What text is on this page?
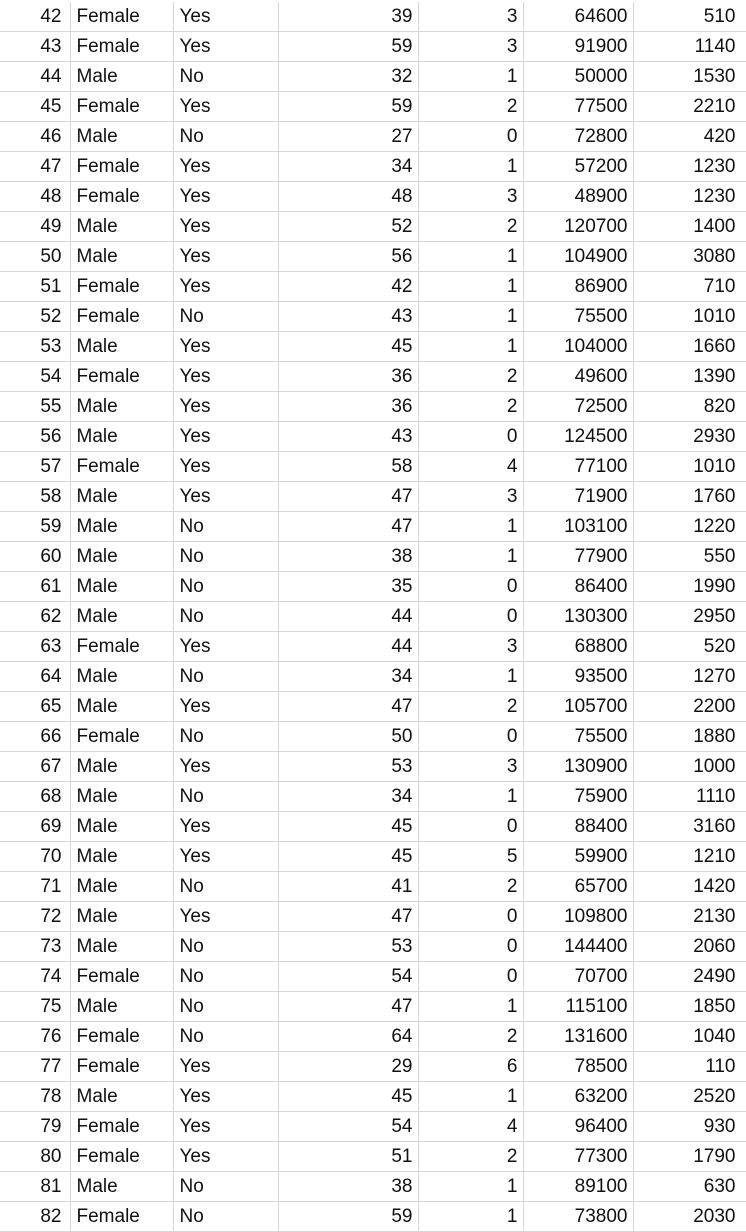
42	Female	Yes	39	3	64600	510
43	Female	Yes	59	3	91900	1140
44	Male	No	32	1	50000	1530
45	Female	Yes	59	2	77500	2210
46	Male	No	27	0	72800	420
47	Female	Yes	34	1	57200	1230
48	Female	Yes	48	3	48900	1230
49	Male	Yes	52	2	120700	1400
50	Male	Yes	56	1	104900	3080
51	Female	Yes	42	1	86900	710
52	Female	No	43	1	75500	1010
53	Male	Yes	45	1	104000	1660
54	Female	Yes	36	2	49600	1390
55	Male	Yes	36	2	72500	820
56	Male	Yes	43	0	124500	2930
57	Female	Yes	58	4	77100	1010
58	Male	Yes	47	3	71900	1760
59	Male	No	47	1	103100	1220
60	Male	No	38	1	77900	550
61	Male	No	35	0	86400	1990
62	Male	No	44	0	130300	2950
63	Female	Yes	44	3	68800	520
64	Male	No	34	1	93500	1270
65	Male	Yes	47	2	105700	2200
66	Female	No	50	0	75500	1880
67	Male	Yes	53	3	130900	1000
68	Male	No	34	1	75900	1110
69	Male	Yes	45	0	88400	3160
70	Male	Yes	45	5	59900	1210
71	Male	No	41	2	65700	1420
72	Male	Yes	47	0	109800	2130
73	Male	No	53	0	144400	2060
74	Female	No	54	0	70700	2490
75	Male	No	47	1	115100	1850
76	Female	No	64	2	131600	1040
77	Female	Yes	29	6	78500	110
78	Male	Yes	45	1	63200	2520
79	Female	Yes	54	4	96400	930
80	Female	Yes	51	2	77300	1790
81	Male	No	38	1	89100	630
82	Female	No	59	1	73800	2030
